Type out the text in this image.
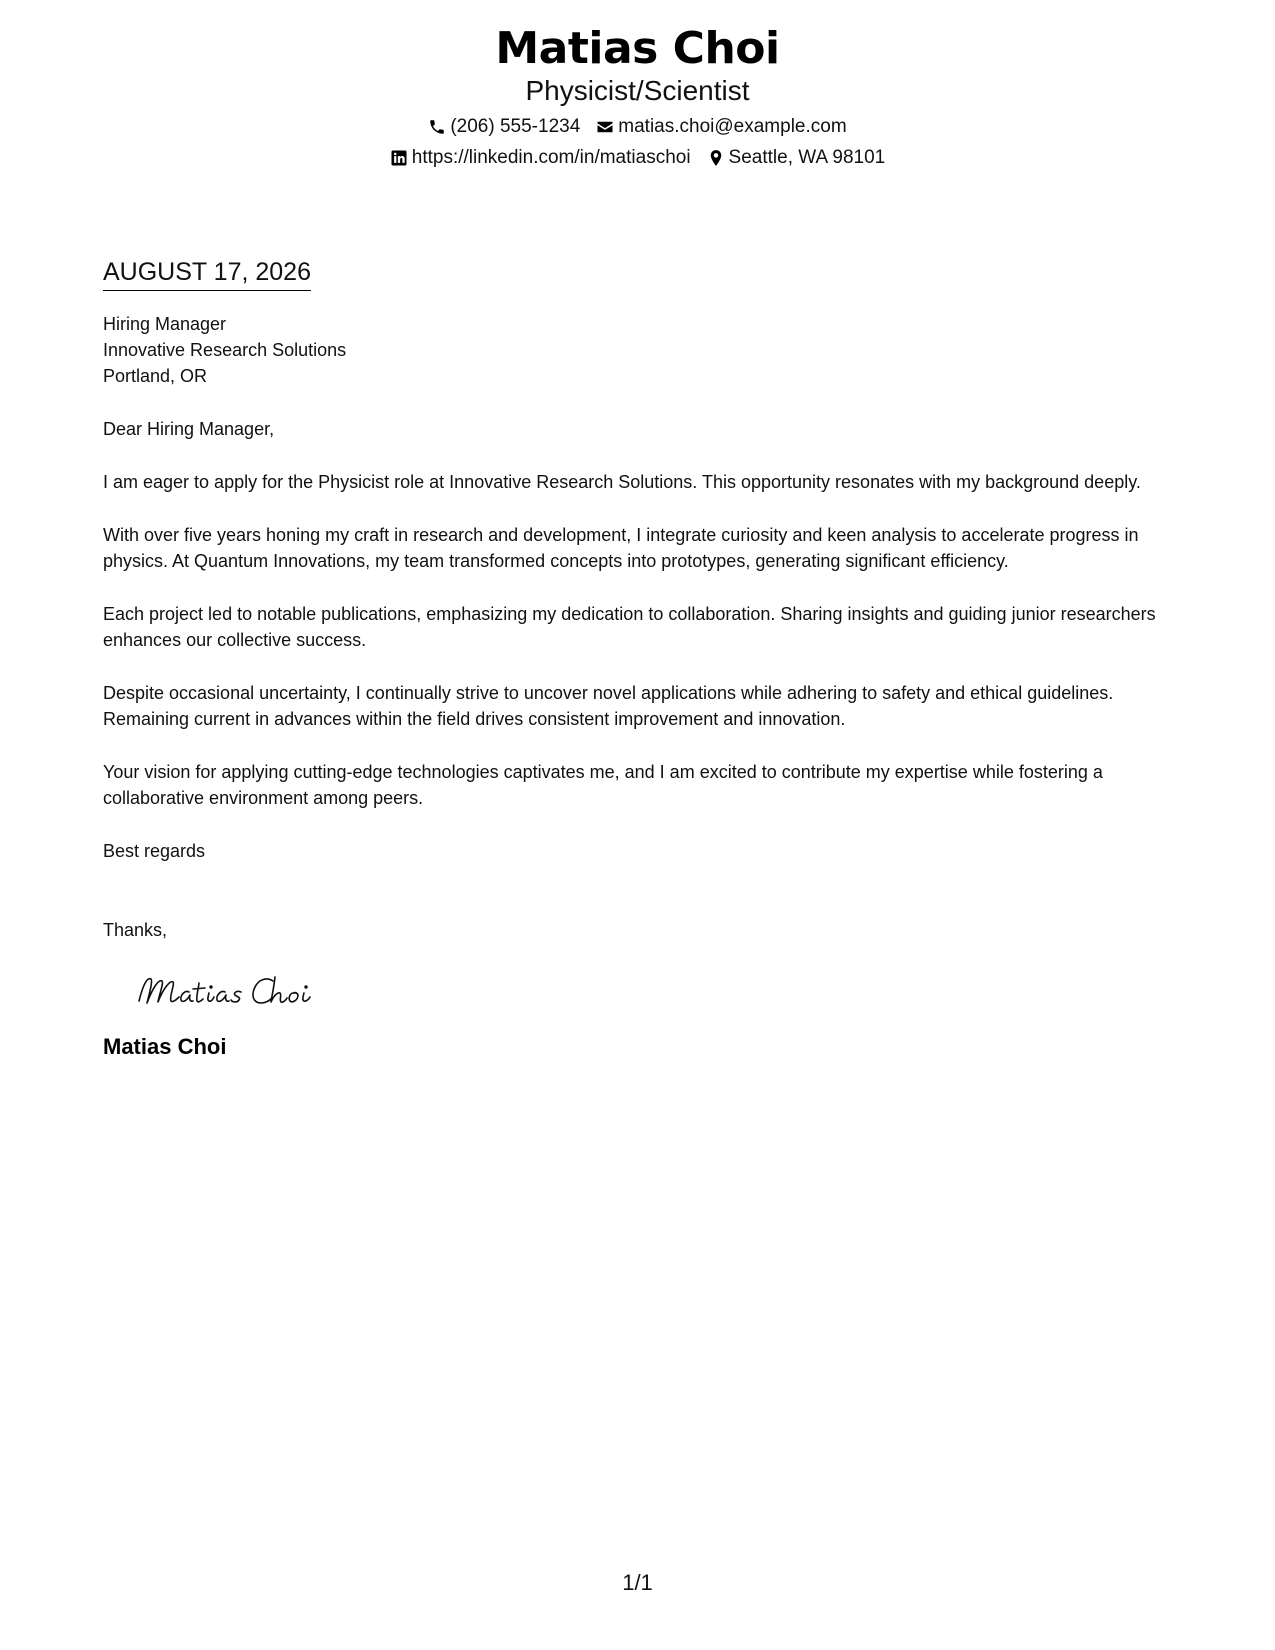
Matias Choi
Physicist/Scientist
(206) 555-1234 matias.choi@example.com
https://linkedin.com/in/matiaschoi Seattle, WA 98101
AUGUST 17, 2026
Hiring Manager
Innovative Research Solutions
Portland, OR
Dear Hiring Manager,
I am eager to apply for the Physicist role at Innovative Research Solutions. This opportunity resonates with my background deeply.
With over five years honing my craft in research and development, I integrate curiosity and keen analysis to accelerate progress in physics. At Quantum Innovations, my team transformed concepts into prototypes, generating significant efficiency.
Each project led to notable publications, emphasizing my dedication to collaboration. Sharing insights and guiding junior researchers enhances our collective success.
Despite occasional uncertainty, I continually strive to uncover novel applications while adhering to safety and ethical guidelines. Remaining current in advances within the field drives consistent improvement and innovation.
Your vision for applying cutting-edge technologies captivates me, and I am excited to contribute my expertise while fostering a collaborative environment among peers.
Best regards
Thanks,
Matias Choi
1/1
